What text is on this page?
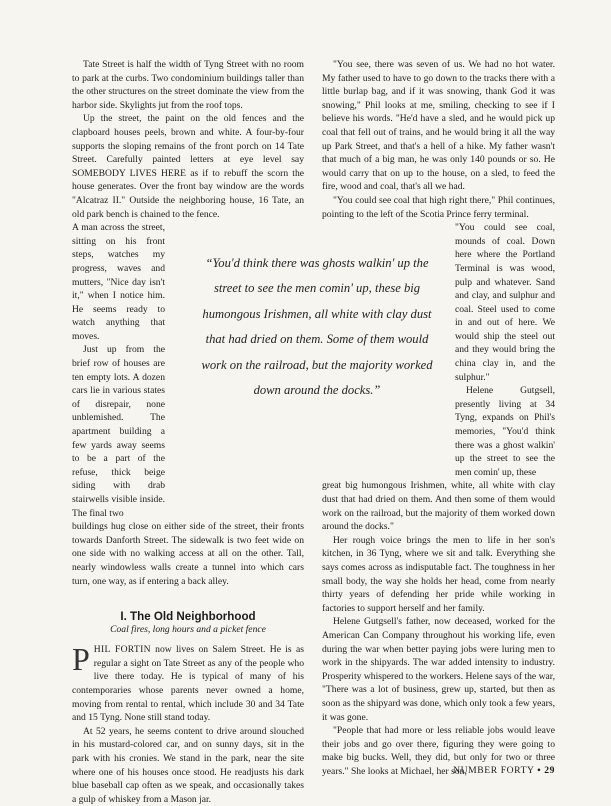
Tate Street is half the width of Tyng Street with no room to park at the curbs. Two condominium buildings taller than the other structures on the street dominate the view from the harbor side. Skylights jut from the roof tops.

Up the street, the paint on the old fences and the clapboard houses peels, brown and white. A four-by-four supports the sloping remains of the front porch on 14 Tate Street. Carefully painted letters at eye level say SOMEBODY LIVES HERE as if to rebuff the scorn the house generates. Over the front bay window are the words "Alcatraz II." Outside the neighboring house, 16 Tate, an old park bench is chained to the fence.

A man across the street, sitting on his front steps, watches my progress, waves and mutters, "Nice day isn't it," when I notice him. He seems ready to watch anything that moves.

Just up from the brief row of houses are ten empty lots. A dozen cars lie in various states of disrepair, none unblemished. The apartment building a few yards away seems to be a part of the refuse, thick beige siding with drab stairwells visible inside. The final two

buildings hug close on either side of the street, their fronts towards Danforth Street. The sidewalk is two feet wide on one side with no walking access at all on the other. Tall, nearly windowless walls create a tunnel into which cars turn, one way, as if entering a back alley.

I. The Old Neighborhood
Coal fires, long hours and a picket fence

PHIL FORTIN now lives on Salem Street. He is as regular a sight on Tate Street as any of the people who live there today. He is typical of many of his contemporaries whose parents never owned a home, moving from rental to rental, which include 30 and 34 Tate and 15 Tyng. None still stand today.

At 52 years, he seems content to drive around slouched in his mustard-colored car, and on sunny days, sit in the park with his cronies. We stand in the park, near the site where one of his houses once stood. He readjusts his dark blue baseball cap often as we speak, and occasionally takes a gulp of whiskey from a Mason jar.

“You'd think there was ghosts walkin' up the street to see the men comin' up, these big humongous Irishmen, all white with clay dust that had dried on them. Some of them would work on the railroad, but the majority worked down around the docks.”

"You see, there was seven of us. We had no hot water. My father used to have to go down to the tracks there with a little burlap bag, and if it was snowing, thank God it was snowing," Phil looks at me, smiling, checking to see if I believe his words. "He'd have a sled, and he would pick up coal that fell out of trains, and he would bring it all the way up Park Street, and that's a hell of a hike. My father wasn't that much of a big man, he was only 140 pounds or so. He would carry that on up to the house, on a sled, to feed the fire, wood and coal, that's all we had.

"You could see coal that high right there," Phil continues, pointing to the left of the Scotia Prince ferry terminal.

"You could see coal, mounds of coal. Down here where the Portland Terminal is was wood, pulp and whatever. Sand and clay, and sulphur and coal. Steel used to come in and out of here. We would ship the steel out and they would bring the china clay in, and the sulphur."

Helene Gutgsell, presently living at 34 Tyng, expands on Phil's memories, "You'd think there was a ghost walkin' up the street to see the men comin' up, these

great big humongous Irishmen, white, all white with clay dust that had dried on them. And then some of them would work on the railroad, but the majority of them worked down around the docks."

Her rough voice brings the men to life in her son's kitchen, in 36 Tyng, where we sit and talk. Everything she says comes across as indisputable fact. The toughness in her small body, the way she holds her head, come from nearly thirty years of defending her pride while working in factories to support herself and her family.

Helene Gutgsell's father, now deceased, worked for the American Can Company throughout his working life, even during the war when better paying jobs were luring men to work in the shipyards. The war added intensity to industry. Prosperity whispered to the workers. Helene says of the war, "There was a lot of business, grew up, started, but then as soon as the shipyard was done, which only took a few years, it was gone.

"People that had more or less reliable jobs would leave their jobs and go over there, figuring they were going to make big bucks. Well, they did, but only for two or three years." She looks at Michael, her son,

NUMBER FORTY • 29
